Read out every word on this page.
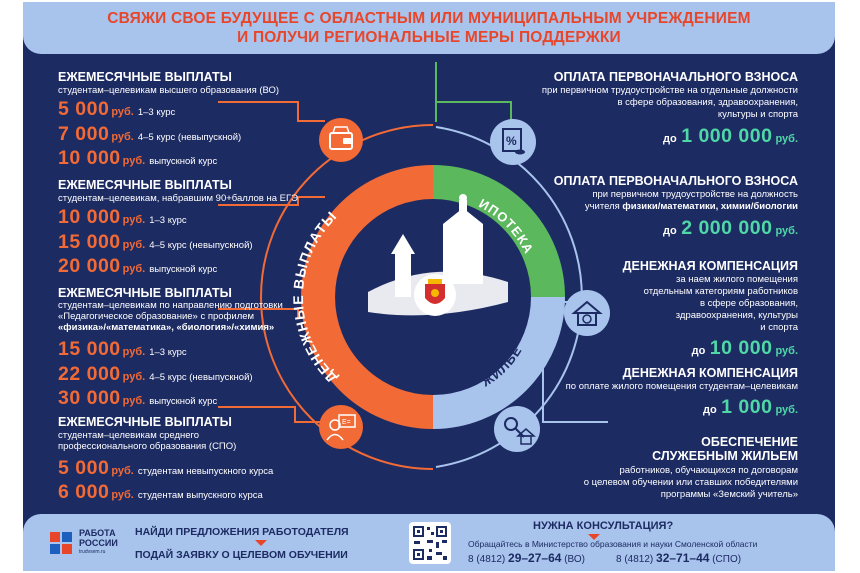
СВЯЖИ СВОЕ БУДУЩЕЕ С ОБЛАСТНЫМ ИЛИ МУНИЦИПАЛЬНЫМ УЧРЕЖДЕНИЕМ
И ПОЛУЧИ РЕГИОНАЛЬНЫЕ МЕРЫ ПОДДЕРЖКИ
ДЕНЕЖНЫЕ ВЫПЛАТЫ
ИПОТЕКА
ЖИЛЬЕ
ЕЖЕМЕСЯЧНЫЕ ВЫПЛАТЫ
студентам–целевикам высшего образования (ВО)
5 000 руб. 1–3 курс
7 000 руб. 4–5 курс (невыпускной)
10 000 руб. выпускной курс
ЕЖЕМЕСЯЧНЫЕ ВЫПЛАТЫ
студентам–целевикам, набравшим 90+баллов на ЕГЭ
10 000 руб. 1–3 курс
15 000 руб. 4–5 курс (невыпускной)
20 000 руб. выпускной курс
ЕЖЕМЕСЯЧНЫЕ ВЫПЛАТЫ
студентам–целевикам по направлению подготовки
«Педагогическое образование» с профилем
«физика»/«математика», «биология»/«химия»
15 000 руб. 1–3 курс
22 000 руб. 4–5 курс (невыпускной)
30 000 руб. выпускной курс
ЕЖЕМЕСЯЧНЫЕ ВЫПЛАТЫ
студентам–целевикам среднего
профессионального образования (СПО)
5 000 руб. студентам невыпускного курса
6 000 руб. студентам выпускного курса
E=
ОПЛАТА ПЕРВОНАЧАЛЬНОГО ВЗНОСА
при первичном трудоустройстве на отдельные должности
в сфере образования, здравоохранения,
культуры и спорта
до 1 000 000 руб.
ОПЛАТА ПЕРВОНАЧАЛЬНОГО ВЗНОСА
при первичном трудоустройстве на должность
учителя физики/математики, химии/биологии
до 2 000 000 руб.
ДЕНЕЖНАЯ КОМПЕНСАЦИЯ
за наем жилого помещения
отдельным категориям работников
в сфере образования,
здравоохранения, культуры
и спорта
до 10 000 руб.
ДЕНЕЖНАЯ КОМПЕНСАЦИЯ
по оплате жилого помещения студентам–целевикам
до 1 000 руб.
ОБЕСПЕЧЕНИЕ
СЛУЖЕБНЫМ ЖИЛЬЕМ
работников, обучающихся по договорам
о целевом обучении или ставших победителями
программы «Земский учитель»
%
РАБОТА
РОССИИ
trudvsem.ru
НАЙДИ ПРЕДЛОЖЕНИЯ РАБОТОДАТЕЛЯ
ПОДАЙ ЗАЯВКУ О ЦЕЛЕВОМ ОБУЧЕНИИ
НУЖНА КОНСУЛЬТАЦИЯ?
Обращайтесь в Министерство образования и науки Смоленской области
8 (4812) 29–27–64 (ВО)	8 (4812) 32–71–44 (СПО)
